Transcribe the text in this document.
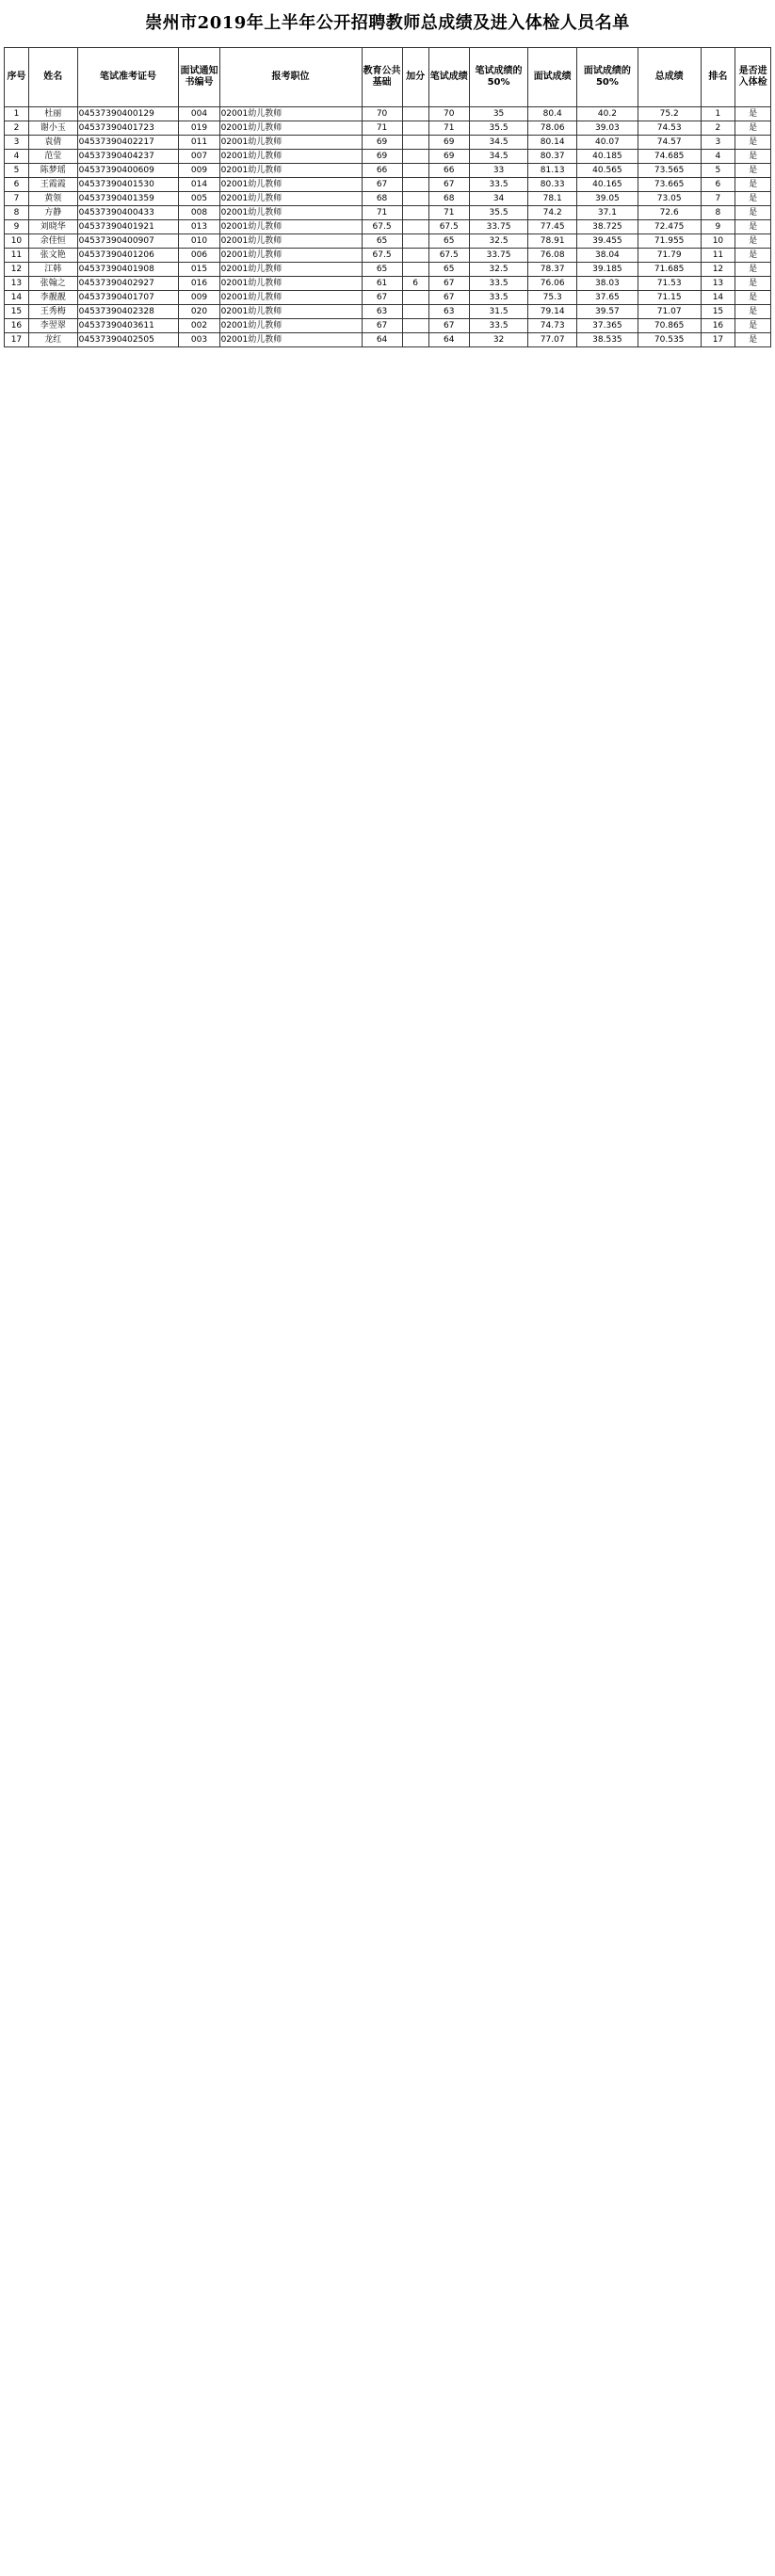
崇州市2019年上半年公开招聘教师总成绩及进入体检人员名单
序号	姓名	笔试准考证号	面试通知书编号	报考职位	教育公共基础	加分	笔试成绩	笔试成绩的50%	面试成绩	面试成绩的50%	总成绩	排名	是否进入体检
1	杜丽	04537390400129	004	02001幼儿教师	70		70	35	80.4	40.2	75.2	1	是
2	谢小玉	04537390401723	019	02001幼儿教师	71		71	35.5	78.06	39.03	74.53	2	是
3	袁倩	04537390402217	011	02001幼儿教师	69		69	34.5	80.14	40.07	74.57	3	是
4	范莹	04537390404237	007	02001幼儿教师	69		69	34.5	80.37	40.185	74.685	4	是
5	陈梦瑶	04537390400609	009	02001幼儿教师	66		66	33	81.13	40.565	73.565	5	是
6	王霞霞	04537390401530	014	02001幼儿教师	67		67	33.5	80.33	40.165	73.665	6	是
7	黄领	04537390401359	005	02001幼儿教师	68		68	34	78.1	39.05	73.05	7	是
8	方静	04537390400433	008	02001幼儿教师	71		71	35.5	74.2	37.1	72.6	8	是
9	刘晓华	04537390401921	013	02001幼儿教师	67.5		67.5	33.75	77.45	38.725	72.475	9	是
10	余佳恒	04537390400907	010	02001幼儿教师	65		65	32.5	78.91	39.455	71.955	10	是
11	张文艳	04537390401206	006	02001幼儿教师	67.5		67.5	33.75	76.08	38.04	71.79	11	是
12	江韩	04537390401908	015	02001幼儿教师	65		65	32.5	78.37	39.185	71.685	12	是
13	张翰之	04537390402927	016	02001幼儿教师	61	6	67	33.5	76.06	38.03	71.53	13	是
14	李靓靓	04537390401707	009	02001幼儿教师	67		67	33.5	75.3	37.65	71.15	14	是
15	王秀梅	04537390402328	020	02001幼儿教师	63		63	31.5	79.14	39.57	71.07	15	是
16	李翌翠	04537390403611	002	02001幼儿教师	67		67	33.5	74.73	37.365	70.865	16	是
17	龙红	04537390402505	003	02001幼儿教师	64		64	32	77.07	38.535	70.535	17	是
